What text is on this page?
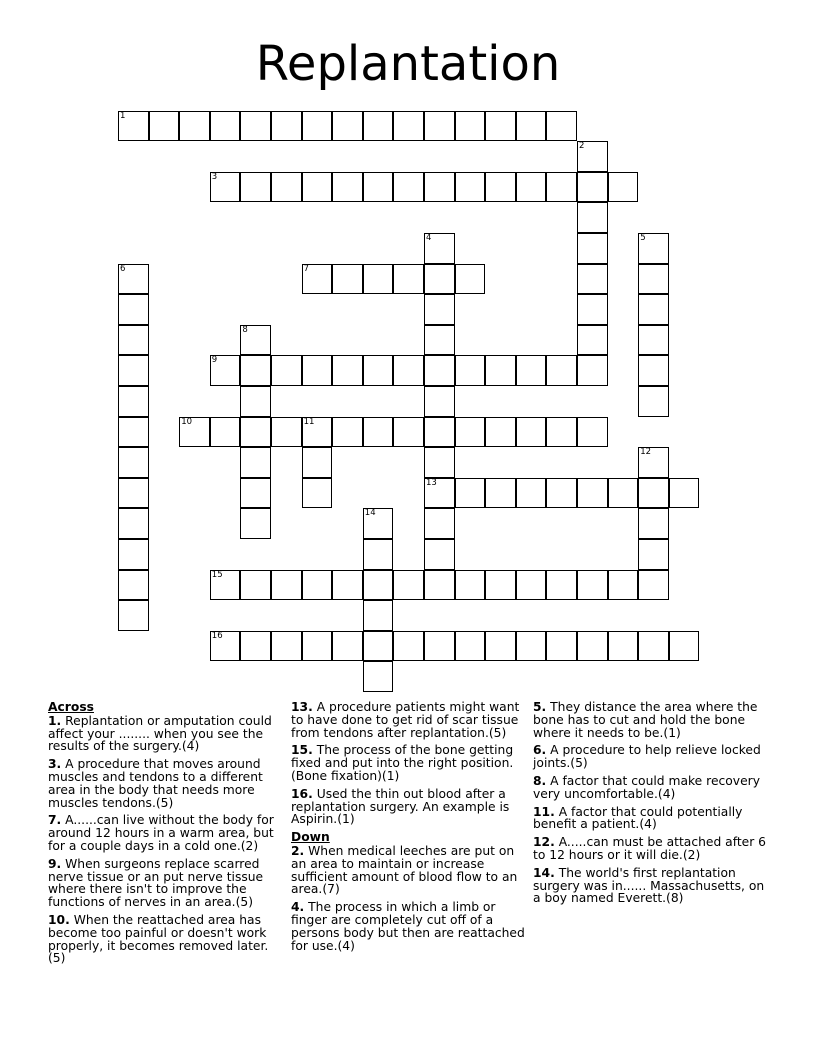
Replantation
1
2
3
4
13
5
6	7
8
9
10	11
12
14
15
16
Across
1. Replantation or amputation could affect your ........ when you see the results of the surgery.(4)
3. A procedure that moves around muscles and tendons to a different area in the body that needs more muscles tendons.(5)
7. A......can live without the body for around 12 hours in a warm area, but for a couple days in a cold one.(2)
9. When surgeons replace scarred nerve tissue or an put nerve tissue where there isn't to improve the functions of nerves in an area.(5)
10. When the reattached area has become too painful or doesn't work properly, it becomes removed later.(5)
13. A procedure patients might want to have done to get rid of scar tissue from tendons after replantation.(5)
15. The process of the bone getting fixed and put into the right position.(Bone fixation)(1)
16. Used the thin out blood after a replantation surgery. An example is Aspirin.(1)
Down
2. When medical leeches are put on an area to maintain or increase sufficient amount of blood flow to an area.(7)
4. The process in which a limb or finger are completely cut off of a persons body but then are reattached for use.(4)
5. They distance the area where the bone has to cut and hold the bone where it needs to be.(1)
6. A procedure to help relieve locked joints.(5)
8. A factor that could make recovery very uncomfortable.(4)
11. A factor that could potentially benefit a patient.(4)
12. A.....can must be attached after 6 to 12 hours or it will die.(2)
14. The world's first replantation surgery was in...... Massachusetts, on a boy named Everett.(8)
